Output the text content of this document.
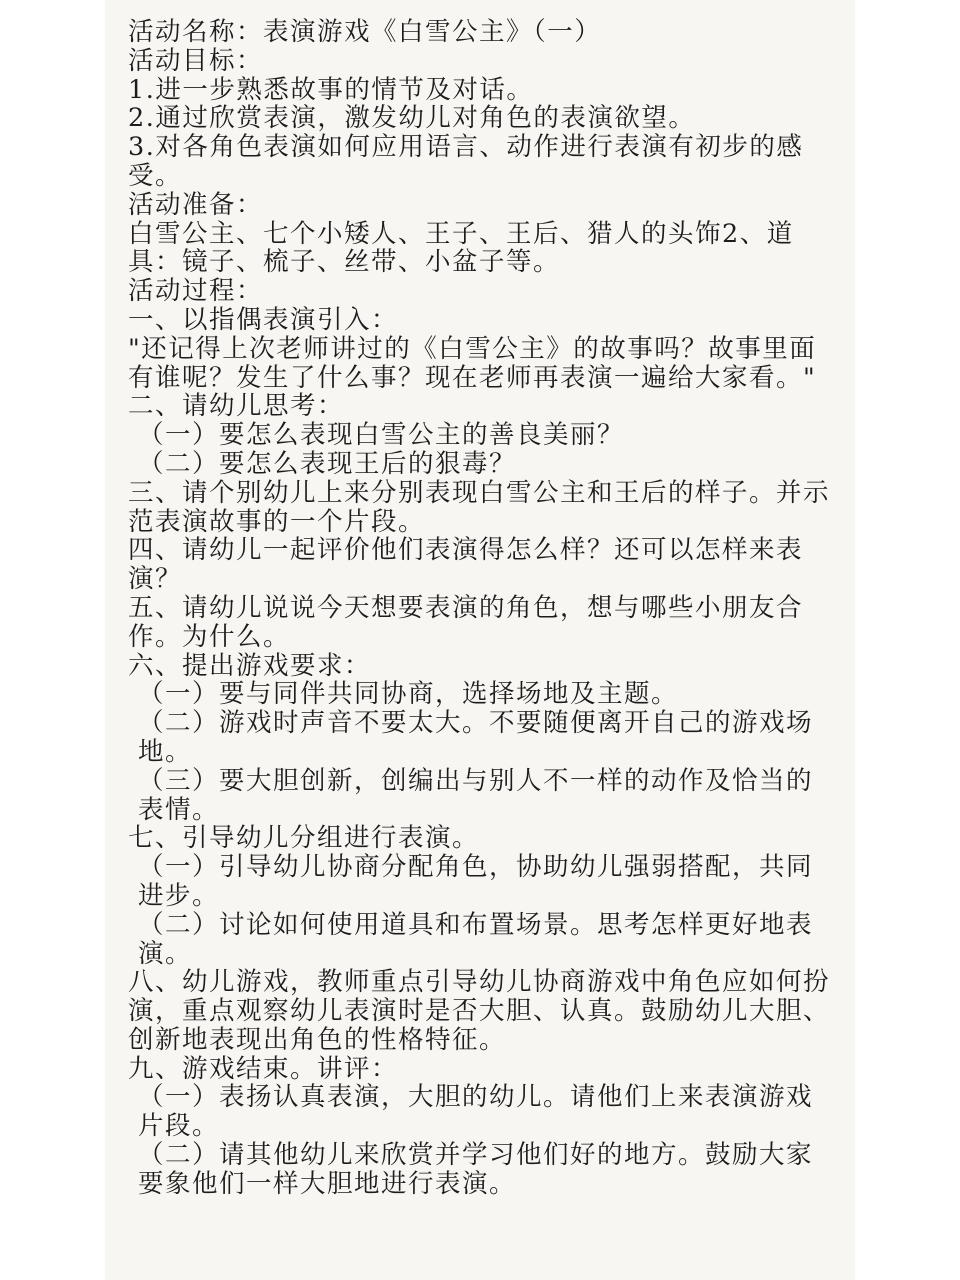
活动名称：表演游戏《白雪公主》（一）

活动目标：

1.进一步熟悉故事的情节及对话。

2.通过欣赏表演，激发幼儿对角色的表演欲望。

3.对各角色表演如何应用语言、动作进行表演有初步的感受。

活动准备：

白雪公主、七个小矮人、王子、王后、猎人的头饰2、道具：镜子、梳子、丝带、小盆子等。

活动过程：

一、以指偶表演引入：

"还记得上次老师讲过的《白雪公主》的故事吗？故事里面有谁呢？发生了什么事？现在老师再表演一遍给大家看。"

二、请幼儿思考：

（一）要怎么表现白雪公主的善良美丽？

（二）要怎么表现王后的狠毒？

三、请个别幼儿上来分别表现白雪公主和王后的样子。并示范表演故事的一个片段。

四、请幼儿一起评价他们表演得怎么样？还可以怎样来表演？

五、请幼儿说说今天想要表演的角色，想与哪些小朋友合作。为什么。

六、提出游戏要求：

（一）要与同伴共同协商，选择场地及主题。

（二）游戏时声音不要太大。不要随便离开自己的游戏场地。

（三）要大胆创新，创编出与别人不一样的动作及恰当的表情。

七、引导幼儿分组进行表演。

（一）引导幼儿协商分配角色，协助幼儿强弱搭配，共同进步。

（二）讨论如何使用道具和布置场景。思考怎样更好地表演。

八、幼儿游戏，教师重点引导幼儿协商游戏中角色应如何扮演，重点观察幼儿表演时是否大胆、认真。鼓励幼儿大胆、创新地表现出角色的性格特征。

九、游戏结束。讲评：

（一）表扬认真表演，大胆的幼儿。请他们上来表演游戏片段。

（二）请其他幼儿来欣赏并学习他们好的地方。鼓励大家要象他们一样大胆地进行表演。
